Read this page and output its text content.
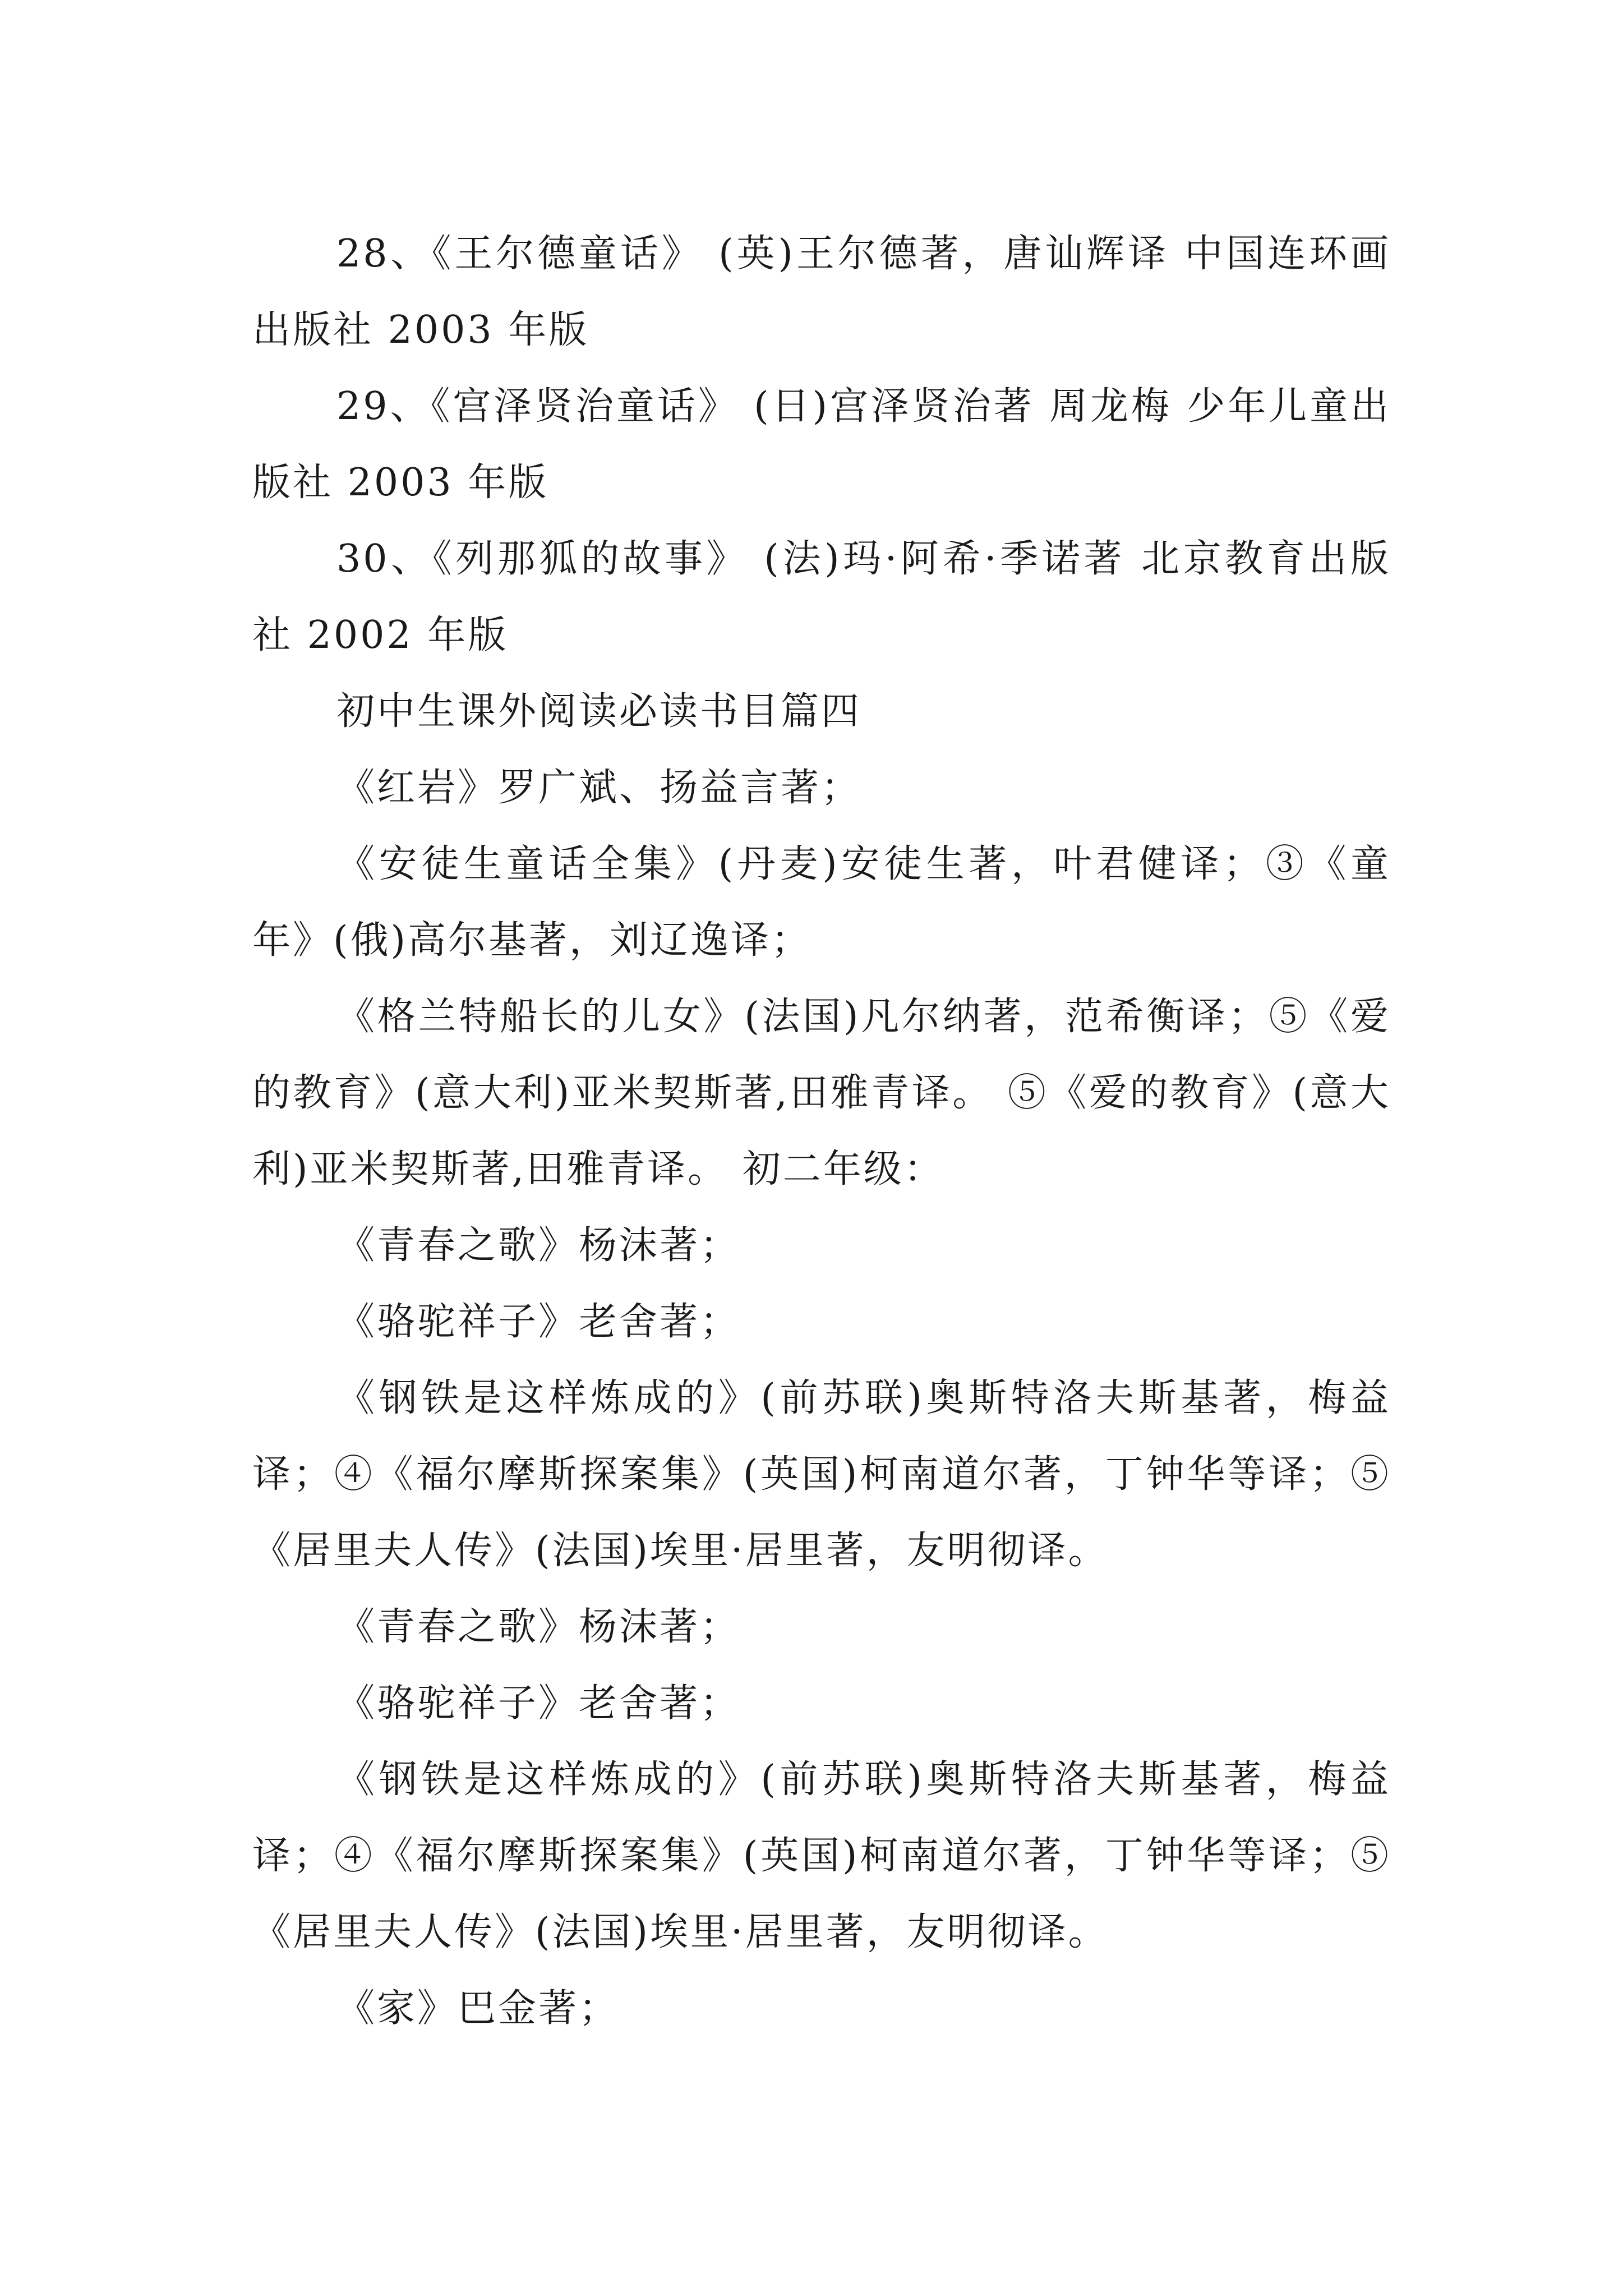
28、《王尔德童话》 (英)王尔德著，唐讪辉译 中国连环画出版社 2003 年版

29、《宫泽贤治童话》 (日)宫泽贤治著 周龙梅 少年儿童出版社 2003 年版

30、《列那狐的故事》 (法)玛·阿希·季诺著 北京教育出版社 2002 年版

初中生课外阅读必读书目篇四

《红岩》罗广斌、扬益言著；

《安徒生童话全集》(丹麦)安徒生著，叶君健译；③《童年》(俄)高尔基著，刘辽逸译；

《格兰特船长的儿女》(法国)凡尔纳著，范希衡译；⑤《爱的教育》(意大利)亚米契斯著,田雅青译。 ⑤《爱的教育》(意大利)亚米契斯著,田雅青译。 初二年级：

《青春之歌》杨沫著；

《骆驼祥子》老舍著；

《钢铁是这样炼成的》(前苏联)奥斯特洛夫斯基著，梅益译；④《福尔摩斯探案集》(英国)柯南道尔著，丁钟华等译；⑤《居里夫人传》(法国)埃里·居里著，友明彻译。

《青春之歌》杨沫著；

《骆驼祥子》老舍著；

《钢铁是这样炼成的》(前苏联)奥斯特洛夫斯基著，梅益译；④《福尔摩斯探案集》(英国)柯南道尔著，丁钟华等译；⑤《居里夫人传》(法国)埃里·居里著，友明彻译。

《家》巴金著；
